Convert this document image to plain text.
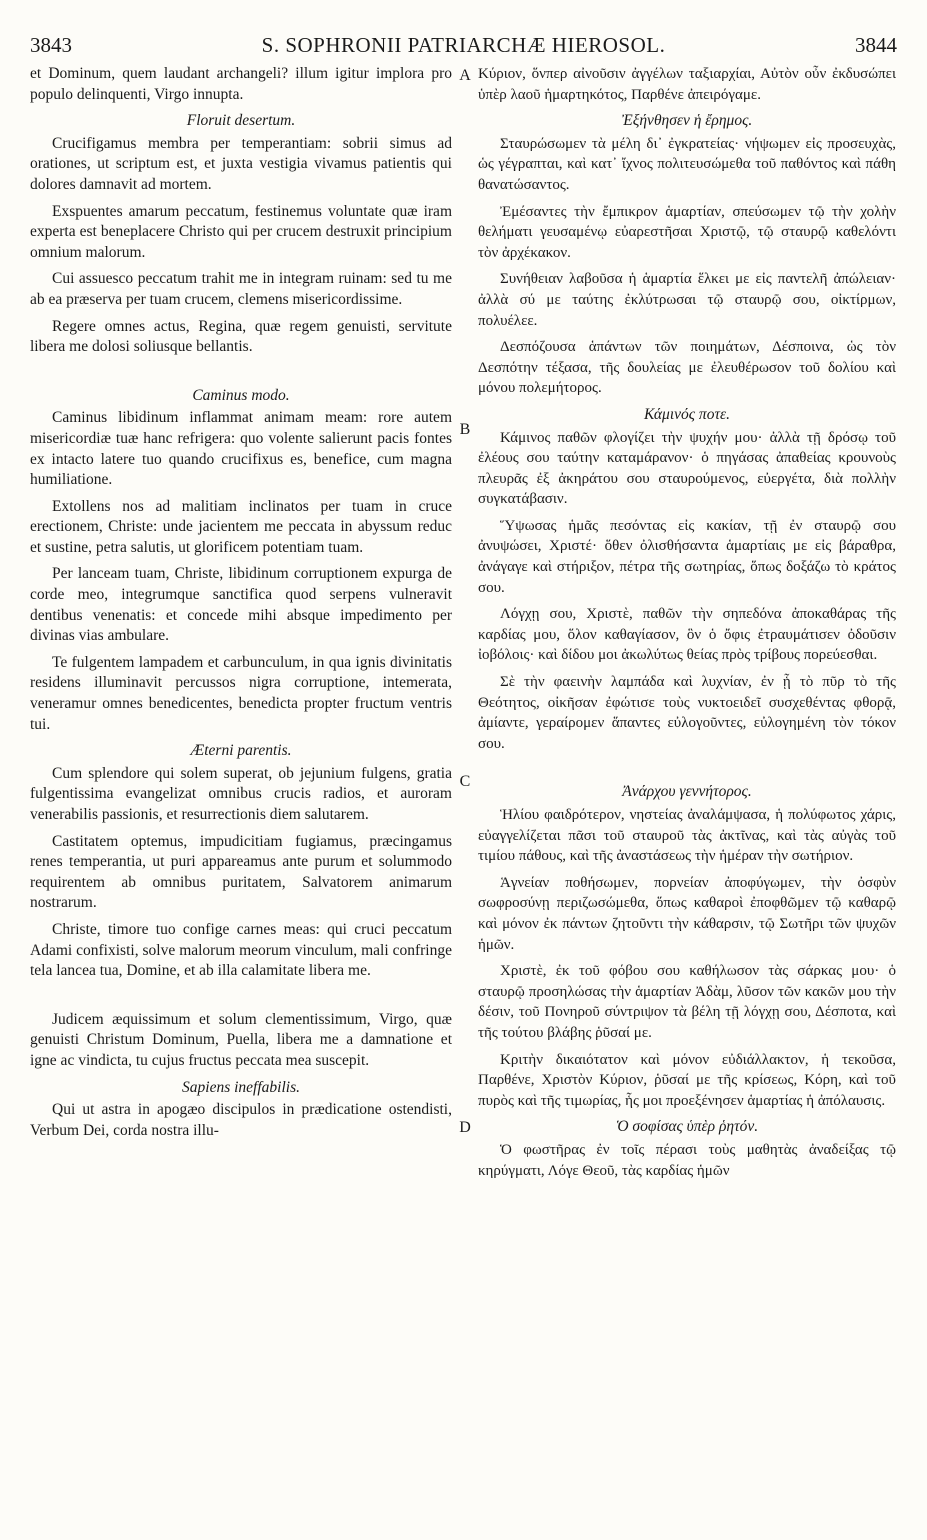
3843	S. SOPHRONII PATRIARCHÆ HIEROSOL.	3844

et Dominum, quem laudant archangeli? illum igitur implora pro populo delinquenti, Virgo innupta.

Floruit desertum.

Crucifigamus membra per temperantiam: sobrii simus ad orationes, ut scriptum est, et juxta vestigia vivamus patientis qui dolores damnavit ad mortem.

Exspuentes amarum peccatum, festinemus voluntate quæ iram experta est beneplacere Christo qui per crucem destruxit principium omnium malorum.

Cui assuesco peccatum trahit me in integram ruinam: sed tu me ab ea præserva per tuam crucem, clemens misericordissime.

Regere omnes actus, Regina, quæ regem genuisti, servitute libera me dolosi soliusque bellantis.

Caminus modo.

Caminus libidinum inflammat animam meam: rore autem misericordiæ tuæ hanc refrigera: quo volente salierunt pacis fontes ex intacto latere tuo quando crucifixus es, benefice, cum magna humiliatione.

Extollens nos ad malitiam inclinatos per tuam in cruce erectionem, Christe: unde jacientem me peccata in abyssum reduc et sustine, petra salutis, ut glorificem potentiam tuam.

Per lanceam tuam, Christe, libidinum corruptionem expurga de corde meo, integrumque sanctifica quod serpens vulneravit dentibus venenatis: et concede mihi absque impedimento per divinas vias ambulare.

Te fulgentem lampadem et carbunculum, in qua ignis divinitatis residens illuminavit percussos nigra corruptione, intemerata, veneramur omnes benedicentes, benedicta propter fructum ventris tui.

Æterni parentis.

Cum splendore qui solem superat, ob jejunium fulgens, gratia fulgentissima evangelizat omnibus crucis radios, et auroram venerabilis passionis, et resurrectionis diem salutarem.

Castitatem optemus, impudicitiam fugiamus, præcingamus renes temperantia, ut puri appareamus ante purum et solummodo requirentem ab omnibus puritatem, Salvatorem animarum nostrarum.

Christe, timore tuo confige carnes meas: qui cruci peccatum Adami confixisti, solve malorum meorum vinculum, mali confringe tela lancea tua, Domine, et ab illa calamitate libera me.

Judicem æquissimum et solum clementissimum, Virgo, quæ genuisti Christum Dominum, Puella, libera me a damnatione et igne ac vindicta, tu cujus fructus peccata mea suscepit.

Sapiens ineffabilis.

Qui ut astra in apogæo discipulos in prædicatione ostendisti, Verbum Dei, corda nostra illu-

Κύριον, ὅνπερ αἰνοῦσιν ἀγγέλων ταξιαρχίαι, Αὐτὸν οὖν ἐκδυσώπει ὑπὲρ λαοῦ ἡμαρτηκότος, Παρθένε ἀπειρόγαμε.

Ἐξήνθησεν ἡ ἔρημος.

Σταυρώσωμεν τὰ μέλη δι᾽ ἐγκρατείας· νήψωμεν εἰς προσευχὰς, ὡς γέγραπται, καὶ κατ᾽ ἴχνος πολιτευσώμεθα τοῦ παθόντος καὶ πάθη θανατώσαντος.

Ἐμέσαντες τὴν ἔμπικρον ἁμαρτίαν, σπεύσωμεν τῷ τὴν χολὴν θελήματι γευσαμένῳ εὐαρεστῆσαι Χριστῷ, τῷ σταυρῷ καθελόντι τὸν ἀρχέκακον.

Συνήθειαν λαβοῦσα ἡ ἁμαρτία ἕλκει με εἰς παντελῆ ἀπώλειαν· ἀλλὰ σύ με ταύτης ἐκλύτρωσαι τῷ σταυρῷ σου, οἰκτίρμων, πολυέλεε.

Δεσπόζουσα ἁπάντων τῶν ποιημάτων, Δέσποινα, ὡς τὸν Δεσπότην τέξασα, τῆς δουλείας με ἐλευθέρωσον τοῦ δολίου καὶ μόνου πολεμήτορος.

Κάμινός ποτε.

Κάμινος παθῶν φλογίζει τὴν ψυχήν μου· ἀλλὰ τῇ δρόσῳ τοῦ ἐλέους σου ταύτην καταμάρανον· ὁ πηγάσας ἀπαθείας κρουνοὺς πλευρᾶς ἐξ ἀκηράτου σου σταυρούμενος, εὐεργέτα, διὰ πολλὴν συγκατάβασιν.

Ὕψωσας ἡμᾶς πεσόντας εἰς κακίαν, τῇ ἐν σταυρῷ σου ἀνυψώσει, Χριστέ· ὅθεν ὀλισθήσαντα ἁμαρτίαις με εἰς βάραθρα, ἀνάγαγε καὶ στήριξον, πέτρα τῆς σωτηρίας, ὅπως δοξάζω τὸ κράτος σου.

Λόγχῃ σου, Χριστὲ, παθῶν τὴν σηπεδόνα ἀποκαθάρας τῆς καρδίας μου, ὅλον καθαγίασον, ὃν ὁ ὄφις ἐτραυμάτισεν ὀδοῦσιν ἰοβόλοις· καὶ δίδου μοι ἀκωλύτως θείας πρὸς τρίβους πορεύεσθαι.

Σὲ τὴν φαεινὴν λαμπάδα καὶ λυχνίαν, ἐν ᾗ τὸ πῦρ τὸ τῆς Θεότητος, οἰκῆσαν ἐφώτισε τοὺς νυκτοειδεῖ συσχεθέντας φθορᾷ, ἀμίαντε, γεραίρομεν ἅπαντες εὐλογοῦντες, εὐλογημένη τὸν τόκον σου.

Ἀνάρχου γεννήτορος.

Ἡλίου φαιδρότερον, νηστείας ἀναλάμψασα, ἡ πολύφωτος χάρις, εὐαγγελίζεται πᾶσι τοῦ σταυροῦ τὰς ἀκτῖνας, καὶ τὰς αὐγὰς τοῦ τιμίου πάθους, καὶ τῆς ἀναστάσεως τὴν ἡμέραν τὴν σωτήριον.

Ἁγνείαν ποθήσωμεν, πορνείαν ἀποφύγωμεν, τὴν ὀσφὺν σωφροσύνῃ περιζωσώμεθα, ὅπως καθαροὶ ἐποφθῶμεν τῷ καθαρῷ καὶ μόνον ἐκ πάντων ζητοῦντι τὴν κάθαρσιν, τῷ Σωτῆρι τῶν ψυχῶν ἡμῶν.

Χριστὲ, ἐκ τοῦ φόβου σου καθήλωσον τὰς σάρκας μου· ὁ σταυρῷ προσηλώσας τὴν ἁμαρτίαν Ἀδὰμ, λῦσον τῶν κακῶν μου τὴν δέσιν, τοῦ Πονηροῦ σύντριψον τὰ βέλη τῇ λόγχῃ σου, Δέσποτα, καὶ τῆς τούτου βλάβης ῥῦσαί με.

Κριτὴν δικαιότατον καὶ μόνον εὐδιάλλακτον, ἡ τεκοῦσα, Παρθένε, Χριστὸν Κύριον, ῥῦσαί με τῆς κρίσεως, Κόρη, καὶ τοῦ πυρὸς καὶ τῆς τιμωρίας, ἧς μοι προεξένησεν ἁμαρτίας ἡ ἀπόλαυσις.

Ὁ σοφίσας ὑπὲρ ῥητόν.

Ὁ φωστῆρας ἐν τοῖς πέρασι τοὺς μαθητὰς ἀναδείξας τῷ κηρύγματι, Λόγε Θεοῦ, τὰς καρδίας ἡμῶν

A
B
C
D
